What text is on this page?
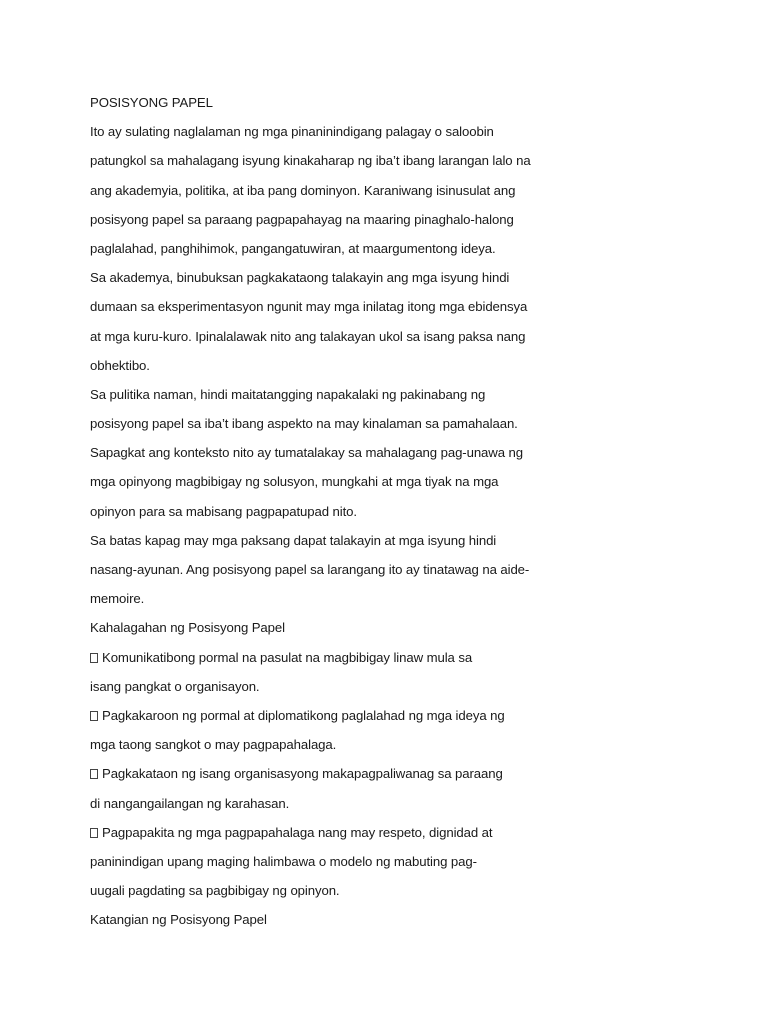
POSISYONG PAPEL
Ito ay sulating naglalaman ng mga pinaninindigang palagay o saloobin
patungkol sa mahalagang isyung kinakaharap ng iba’t ibang larangan lalo na
ang akademyia, politika, at iba pang dominyon. Karaniwang isinusulat ang
posisyong papel sa paraang pagpapahayag na maaring pinaghalo-halong
paglalahad, panghihimok, pangangatuwiran, at maargumentong ideya.
Sa akademya, binubuksan pagkakataong talakayin ang mga isyung hindi
dumaan sa eksperimentasyon ngunit may mga inilatag itong mga ebidensya
at mga kuru-kuro. Ipinalalawak nito ang talakayan ukol sa isang paksa nang
obhektibo.
Sa pulitika naman, hindi maitatangging napakalaki ng pakinabang ng
posisyong papel sa iba’t ibang aspekto na may kinalaman sa pamahalaan.
Sapagkat ang konteksto nito ay tumatalakay sa mahalagang pag-unawa ng
mga opinyong magbibigay ng solusyon, mungkahi at mga tiyak na mga
opinyon para sa mabisang pagpapatupad nito.
Sa batas kapag may mga paksang dapat talakayin at mga isyung hindi
nasang-ayunan. Ang posisyong papel sa larangang ito ay tinatawag na aide-
memoire.
Kahalagahan ng Posisyong Papel
Komunikatibong pormal na pasulat na magbibigay linaw mula sa
isang pangkat o organisayon.
Pagkakaroon ng pormal at diplomatikong paglalahad ng mga ideya ng
mga taong sangkot o may pagpapahalaga.
Pagkakataon ng isang organisasyong makapagpaliwanag sa paraang
di nangangailangan ng karahasan.
Pagpapakita ng mga pagpapahalaga nang may respeto, dignidad at
paninindigan upang maging halimbawa o modelo ng mabuting pag-
uugali pagdating sa pagbibigay ng opinyon.
Katangian ng Posisyong Papel
